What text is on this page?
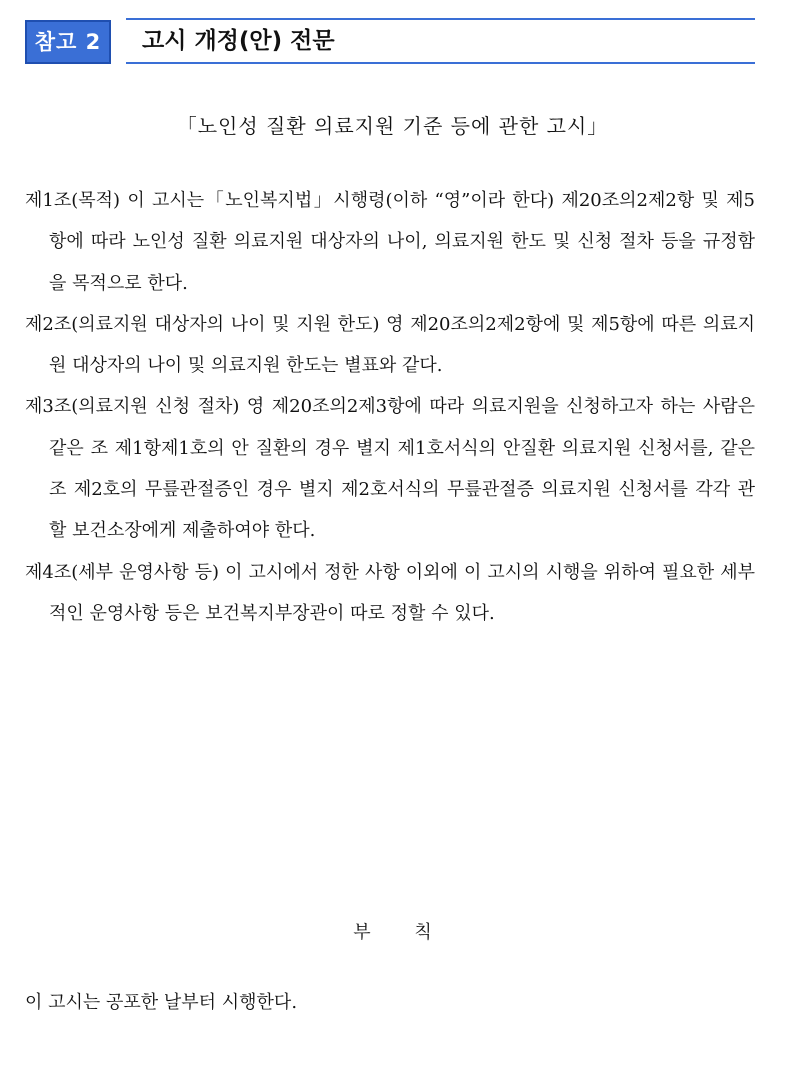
참고 2	고시 개정(안) 전문
「노인성 질환 의료지원 기준 등에 관한 고시」

제1조(목적) 이 고시는「노인복지법」시행령(이하 “영”이라 한다) 제20조의2제2항 및 제5항에 따라 노인성 질환 의료지원 대상자의 나이, 의료지원 한도 및 신청 절차 등을 규정함을 목적으로 한다.

제2조(의료지원 대상자의 나이 및 지원 한도) 영 제20조의2제2항에 및 제5항에 따른 의료지원 대상자의 나이 및 의료지원 한도는 별표와 같다.

제3조(의료지원 신청 절차) 영 제20조의2제3항에 따라 의료지원을 신청하고자 하는 사람은 같은 조 제1항제1호의 안 질환의 경우 별지 제1호서식의 안질환 의료지원 신청서를, 같은 조 제2호의 무릎관절증인 경우 별지 제2호서식의 무릎관절증 의료지원 신청서를 각각 관할 보건소장에게 제출하여야 한다.

제4조(세부 운영사항 등) 이 고시에서 정한 사항 이외에 이 고시의 시행을 위하여 필요한 세부적인 운영사항 등은 보건복지부장관이 따로 정할 수 있다.

부 칙
이 고시는 공포한 날부터 시행한다.
